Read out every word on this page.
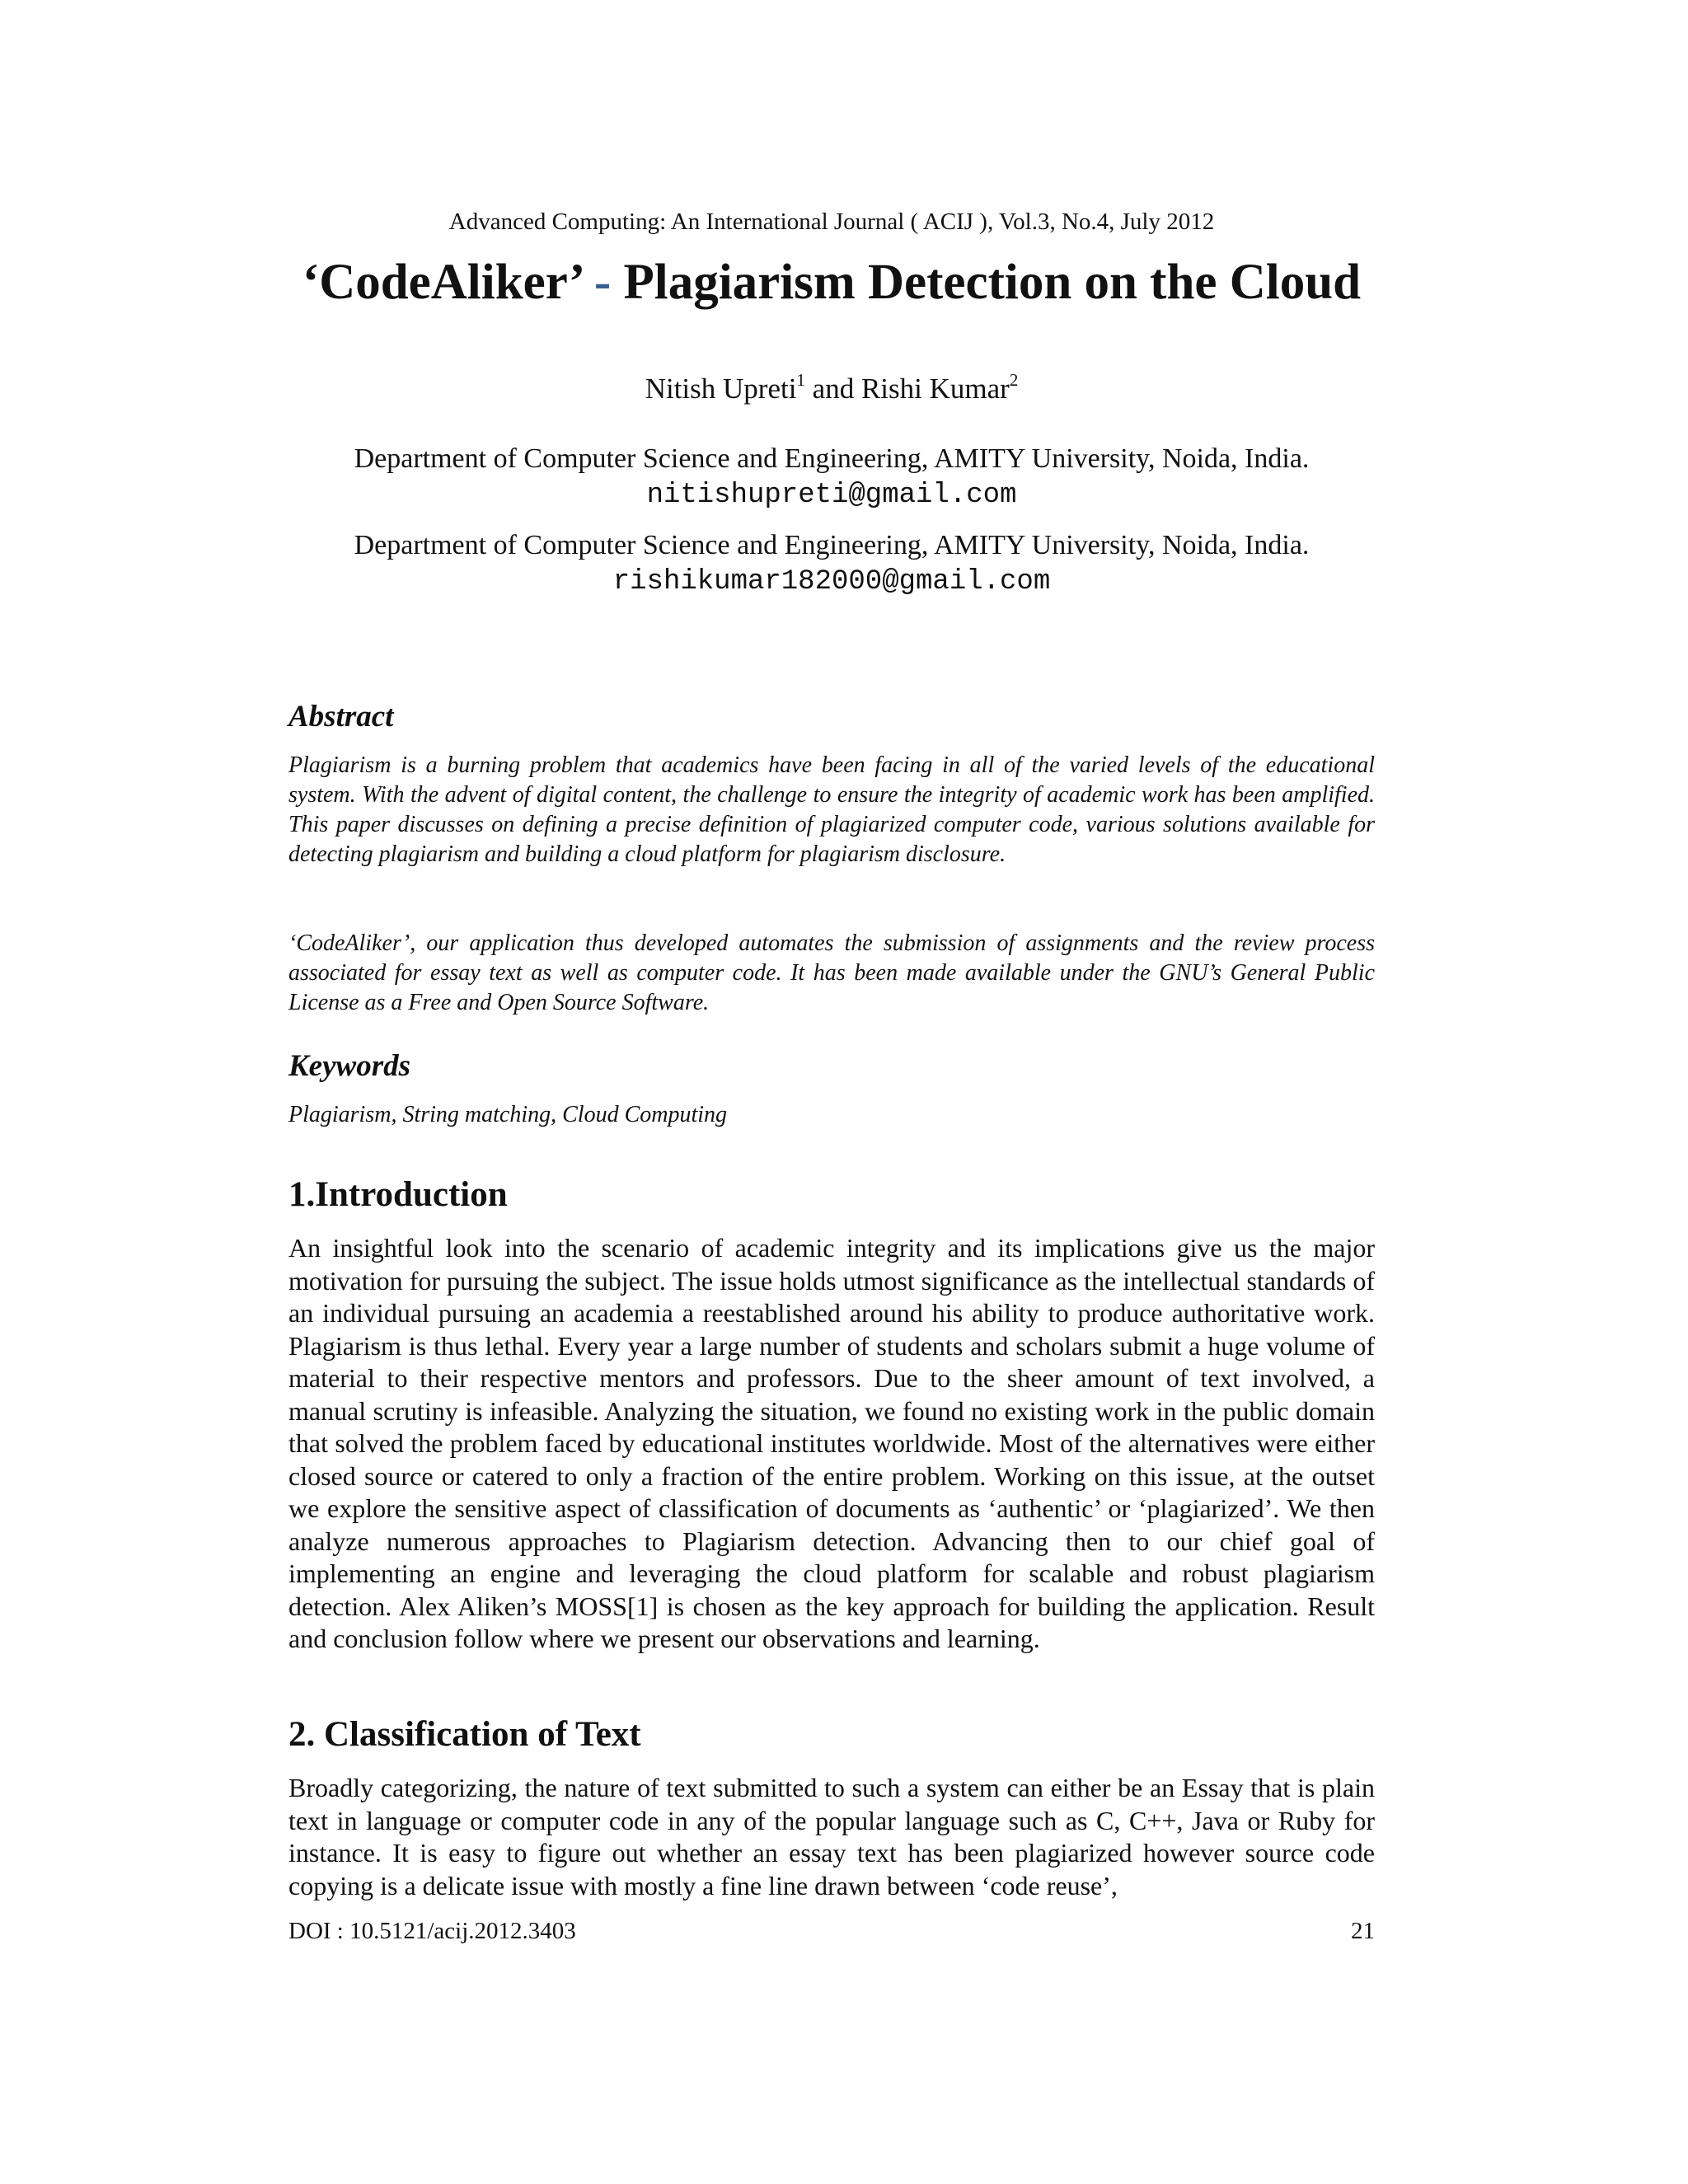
Advanced Computing: An International Journal ( ACIJ ), Vol.3, No.4, July 2012
‘CodeAliker’ - Plagiarism Detection on the Cloud
Nitish Upreti$^1$ and Rishi Kumar$^2$
Department of Computer Science and Engineering, AMITY University, Noida, India.
nitishupreti@gmail.com
Department of Computer Science and Engineering, AMITY University, Noida, India.
rishikumar182000@gmail.com
Abstract
Plagiarism is a burning problem that academics have been facing in all of the varied levels of the educational system. With the advent of digital content, the challenge to ensure the integrity of academic work has been amplified. This paper discusses on defining a precise definition of plagiarized computer code, various solutions available for detecting plagiarism and building a cloud platform for plagiarism disclosure.
‘CodeAliker’, our application thus developed automates the submission of assignments and the review process associated for essay text as well as computer code. It has been made available under the GNU’s General Public License as a Free and Open Source Software.
Keywords
Plagiarism, String matching, Cloud Computing
1.Introduction
An insightful look into the scenario of academic integrity and its implications give us the major motivation for pursuing the subject. The issue holds utmost significance as the intellectual standards of an individual pursuing an academia a reestablished around his ability to produce authoritative work. Plagiarism is thus lethal. Every year a large number of students and scholars submit a huge volume of material to their respective mentors and professors. Due to the sheer amount of text involved, a manual scrutiny is infeasible. Analyzing the situation, we found no existing work in the public domain that solved the problem faced by educational institutes worldwide. Most of the alternatives were either closed source or catered to only a fraction of the entire problem. Working on this issue, at the outset we explore the sensitive aspect of classification of documents as ‘authentic’ or ‘plagiarized’. We then analyze numerous approaches to Plagiarism detection. Advancing then to our chief goal of implementing an engine and leveraging the cloud platform for scalable and robust plagiarism detection. Alex Aliken’s MOSS[1] is chosen as the key approach for building the application. Result and conclusion follow where we present our observations and learning.
2. Classification of Text
Broadly categorizing, the nature of text submitted to such a system can either be an Essay that is plain text in language or computer code in any of the popular language such as C, C++, Java or Ruby for instance. It is easy to figure out whether an essay text has been plagiarized however source code copying is a delicate issue with mostly a fine line drawn between ‘code reuse’,
DOI : 10.5121/acij.2012.3403	21
